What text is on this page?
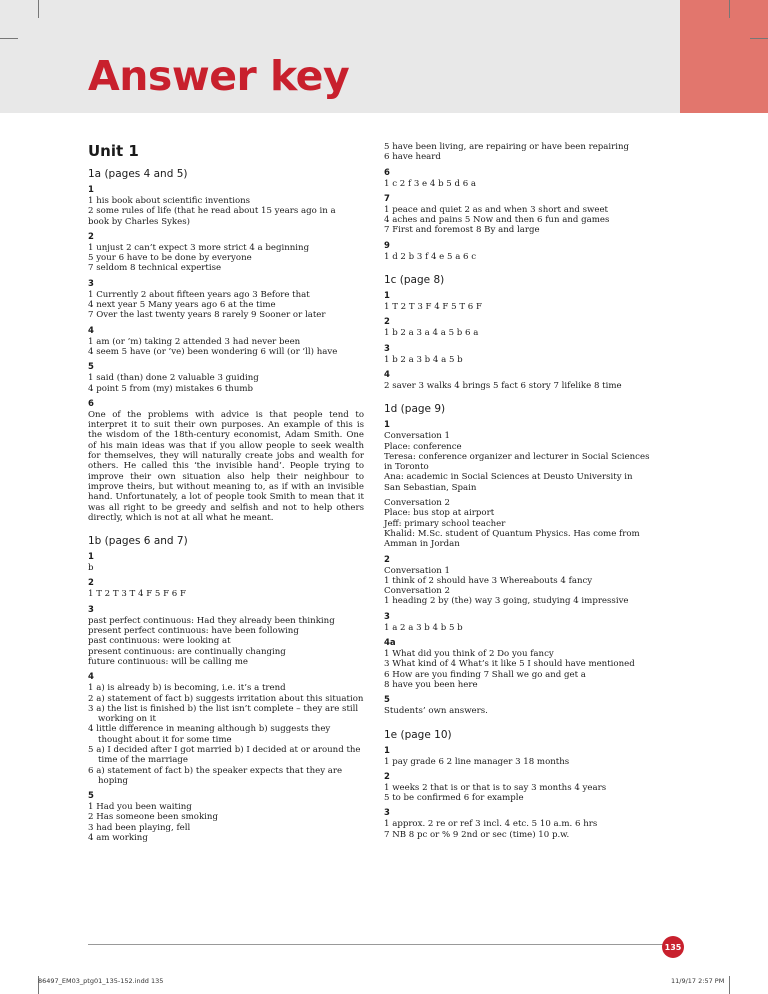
Answer key
Unit 1
1a (pages 4 and 5)
1
1 his book about scientific inventions
2 some rules of life (that he read about 15 years ago in a
book by Charles Sykes)
2
1 unjust 2 can’t expect 3 more strict 4 a beginning
5 your 6 have to be done by everyone
7 seldom 8 technical expertise
3
1 Currently 2 about fifteen years ago 3 Before that
4 next year 5 Many years ago 6 at the time
7 Over the last twenty years 8 rarely 9 Sooner or later
4
1 am (or ’m) taking 2 attended 3 had never been
4 seem 5 have (or ’ve) been wondering 6 will (or ’ll) have
5
1 said (than) done 2 valuable 3 guiding
4 point 5 from (my) mistakes 6 thumb
6
One of the problems with advice is that people tend to interpret it to suit their own purposes. An example of this is the wisdom of the 18th-century economist, Adam Smith. One of his main ideas was that if you allow people to seek wealth for themselves, they will naturally create jobs and wealth for others. He called this ‘the invisible hand’. People trying to improve their own situation also help their neighbour to improve theirs, but without meaning to, as if with an invisible hand. Unfortunately, a lot of people took Smith to mean that it was all right to be greedy and selfish and not to help others directly, which is not at all what he meant.
1b (pages 6 and 7)
1
b
2
1 T 2 T 3 T 4 F 5 F 6 F
3
past perfect continuous: Had they already been thinking
present perfect continuous: have been following
past continuous: were looking at
present continuous: are continually changing
future continuous: will be calling me
4
1 a) is already b) is becoming, i.e. it’s a trend
2 a) statement of fact b) suggests irritation about this situation
3 a) the list is finished b) the list isn’t complete – they are still working on it
4 little difference in meaning although b) suggests they thought about it for some time
5 a) I decided after I got married b) I decided at or around the time of the marriage
6 a) statement of fact b) the speaker expects that they are hoping
5
1 Had you been waiting
2 Has someone been smoking
3 had been playing, fell
4 am working
5 have been living, are repairing or have been repairing
6 have heard
6
1 c 2 f 3 e 4 b 5 d 6 a
7
1 peace and quiet 2 as and when 3 short and sweet
4 aches and pains 5 Now and then 6 fun and games
7 First and foremost 8 By and large
9
1 d 2 b 3 f 4 e 5 a 6 c
1c (page 8)
1
1 T 2 T 3 F 4 F 5 T 6 F
2
1 b 2 a 3 a 4 a 5 b 6 a
3
1 b 2 a 3 b 4 a 5 b
4
2 saver 3 walks 4 brings 5 fact 6 story 7 lifelike 8 time
1d (page 9)
1
Conversation 1
Place: conference
Teresa: conference organizer and lecturer in Social Sciences
in Toronto
Ana: academic in Social Sciences at Deusto University in
San Sebastian, Spain
Conversation 2
Place: bus stop at airport
Jeff: primary school teacher
Khalid: M.Sc. student of Quantum Physics. Has come from
Amman in Jordan
2
Conversation 1
1 think of 2 should have 3 Whereabouts 4 fancy
Conversation 2
1 heading 2 by (the) way 3 going, studying 4 impressive
3
1 a 2 a 3 b 4 b 5 b
4a
1 What did you think of 2 Do you fancy
3 What kind of 4 What’s it like 5 I should have mentioned
6 How are you finding 7 Shall we go and get a
8 have you been here
5
Students’ own answers.
1e (page 10)
1
1 pay grade 6 2 line manager 3 18 months
2
1 weeks 2 that is or that is to say 3 months 4 years
5 to be confirmed 6 for example
3
1 approx. 2 re or ref 3 incl. 4 etc. 5 10 a.m. 6 hrs
7 NB 8 pc or % 9 2nd or sec (time) 10 p.w.
135
86497_EM03_ptg01_135-152.indd 135	11/9/17 2:57 PM
